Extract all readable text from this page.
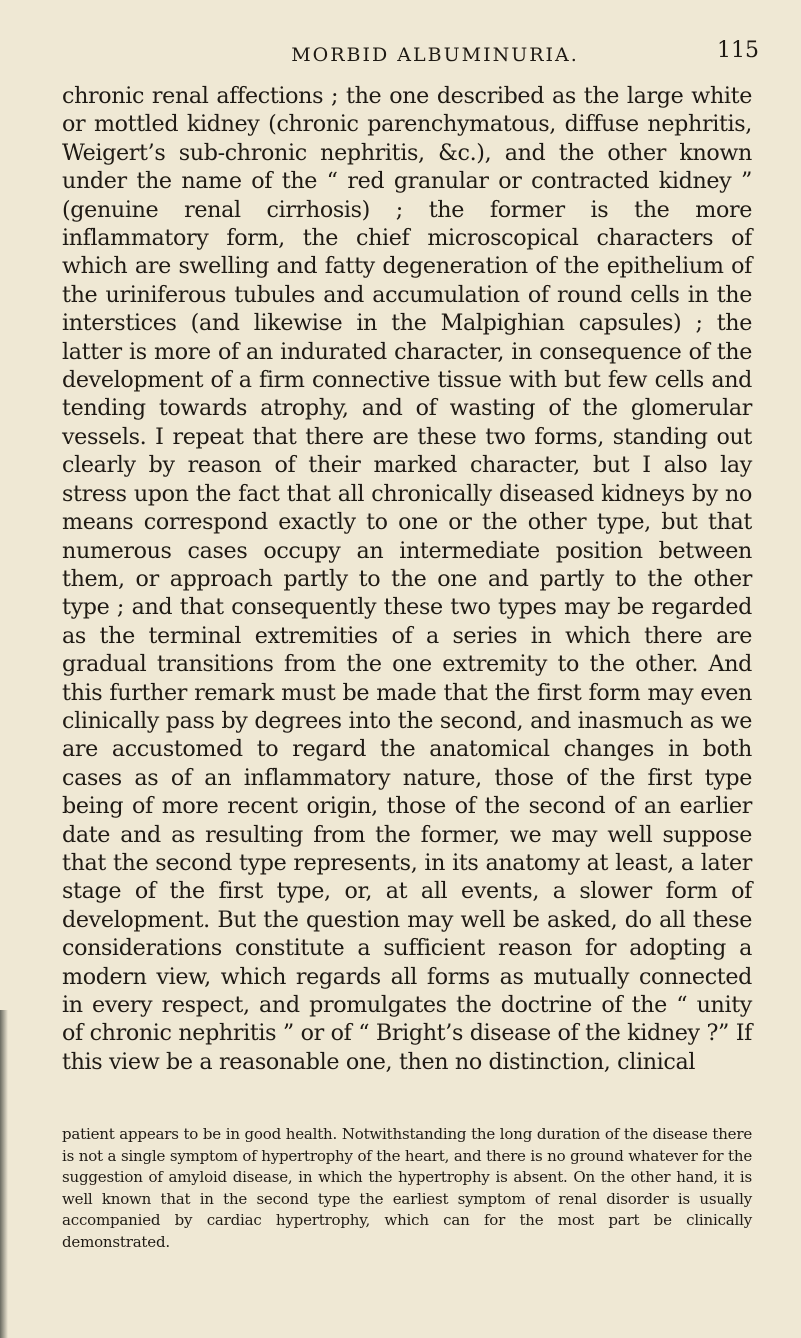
MORBID ALBUMINURIA.	115

chronic renal affections ; the one described as the large white or mottled kidney (chronic parenchymatous, diffuse nephritis, Weigert’s sub-chronic nephritis, &c.), and the other known under the name of the “ red granular or contracted kidney ” (genuine renal cirrhosis) ; the former is the more inflammatory form, the chief microscopical characters of which are swelling and fatty degeneration of the epithelium of the uriniferous tubules and accumulation of round cells in the interstices (and likewise in the Malpighian capsules) ; the latter is more of an indurated character, in consequence of the development of a firm connective tissue with but few cells and tending towards atrophy, and of wasting of the glomerular vessels. I repeat that there are these two forms, standing out clearly by reason of their marked character, but I also lay stress upon the fact that all chronically diseased kidneys by no means correspond exactly to one or the other type, but that numerous cases occupy an intermediate position between them, or approach partly to the one and partly to the other type ; and that consequently these two types may be regarded as the terminal extremities of a series in which there are gradual transitions from the one extremity to the other. And this further remark must be made that the first form may even clinically pass by degrees into the second, and inasmuch as we are accustomed to regard the anatomical changes in both cases as of an inflammatory nature, those of the first type being of more recent origin, those of the second of an earlier date and as resulting from the former, we may well suppose that the second type represents, in its anatomy at least, a later stage of the first type, or, at all events, a slower form of development. But the question may well be asked, do all these considerations constitute a sufficient reason for adopting a modern view, which regards all forms as mutually connected in every respect, and promulgates the doctrine of the “ unity of chronic nephritis ” or of “ Bright’s disease of the kidney ?” If this view be a reasonable one, then no distinction, clinical

patient appears to be in good health. Notwithstanding the long duration of the disease there is not a single symptom of hypertrophy of the heart, and there is no ground whatever for the suggestion of amyloid disease, in which the hypertrophy is absent. On the other hand, it is well known that in the second type the earliest symptom of renal disorder is usually accompanied by cardiac hypertrophy, which can for the most part be clinically demonstrated.
